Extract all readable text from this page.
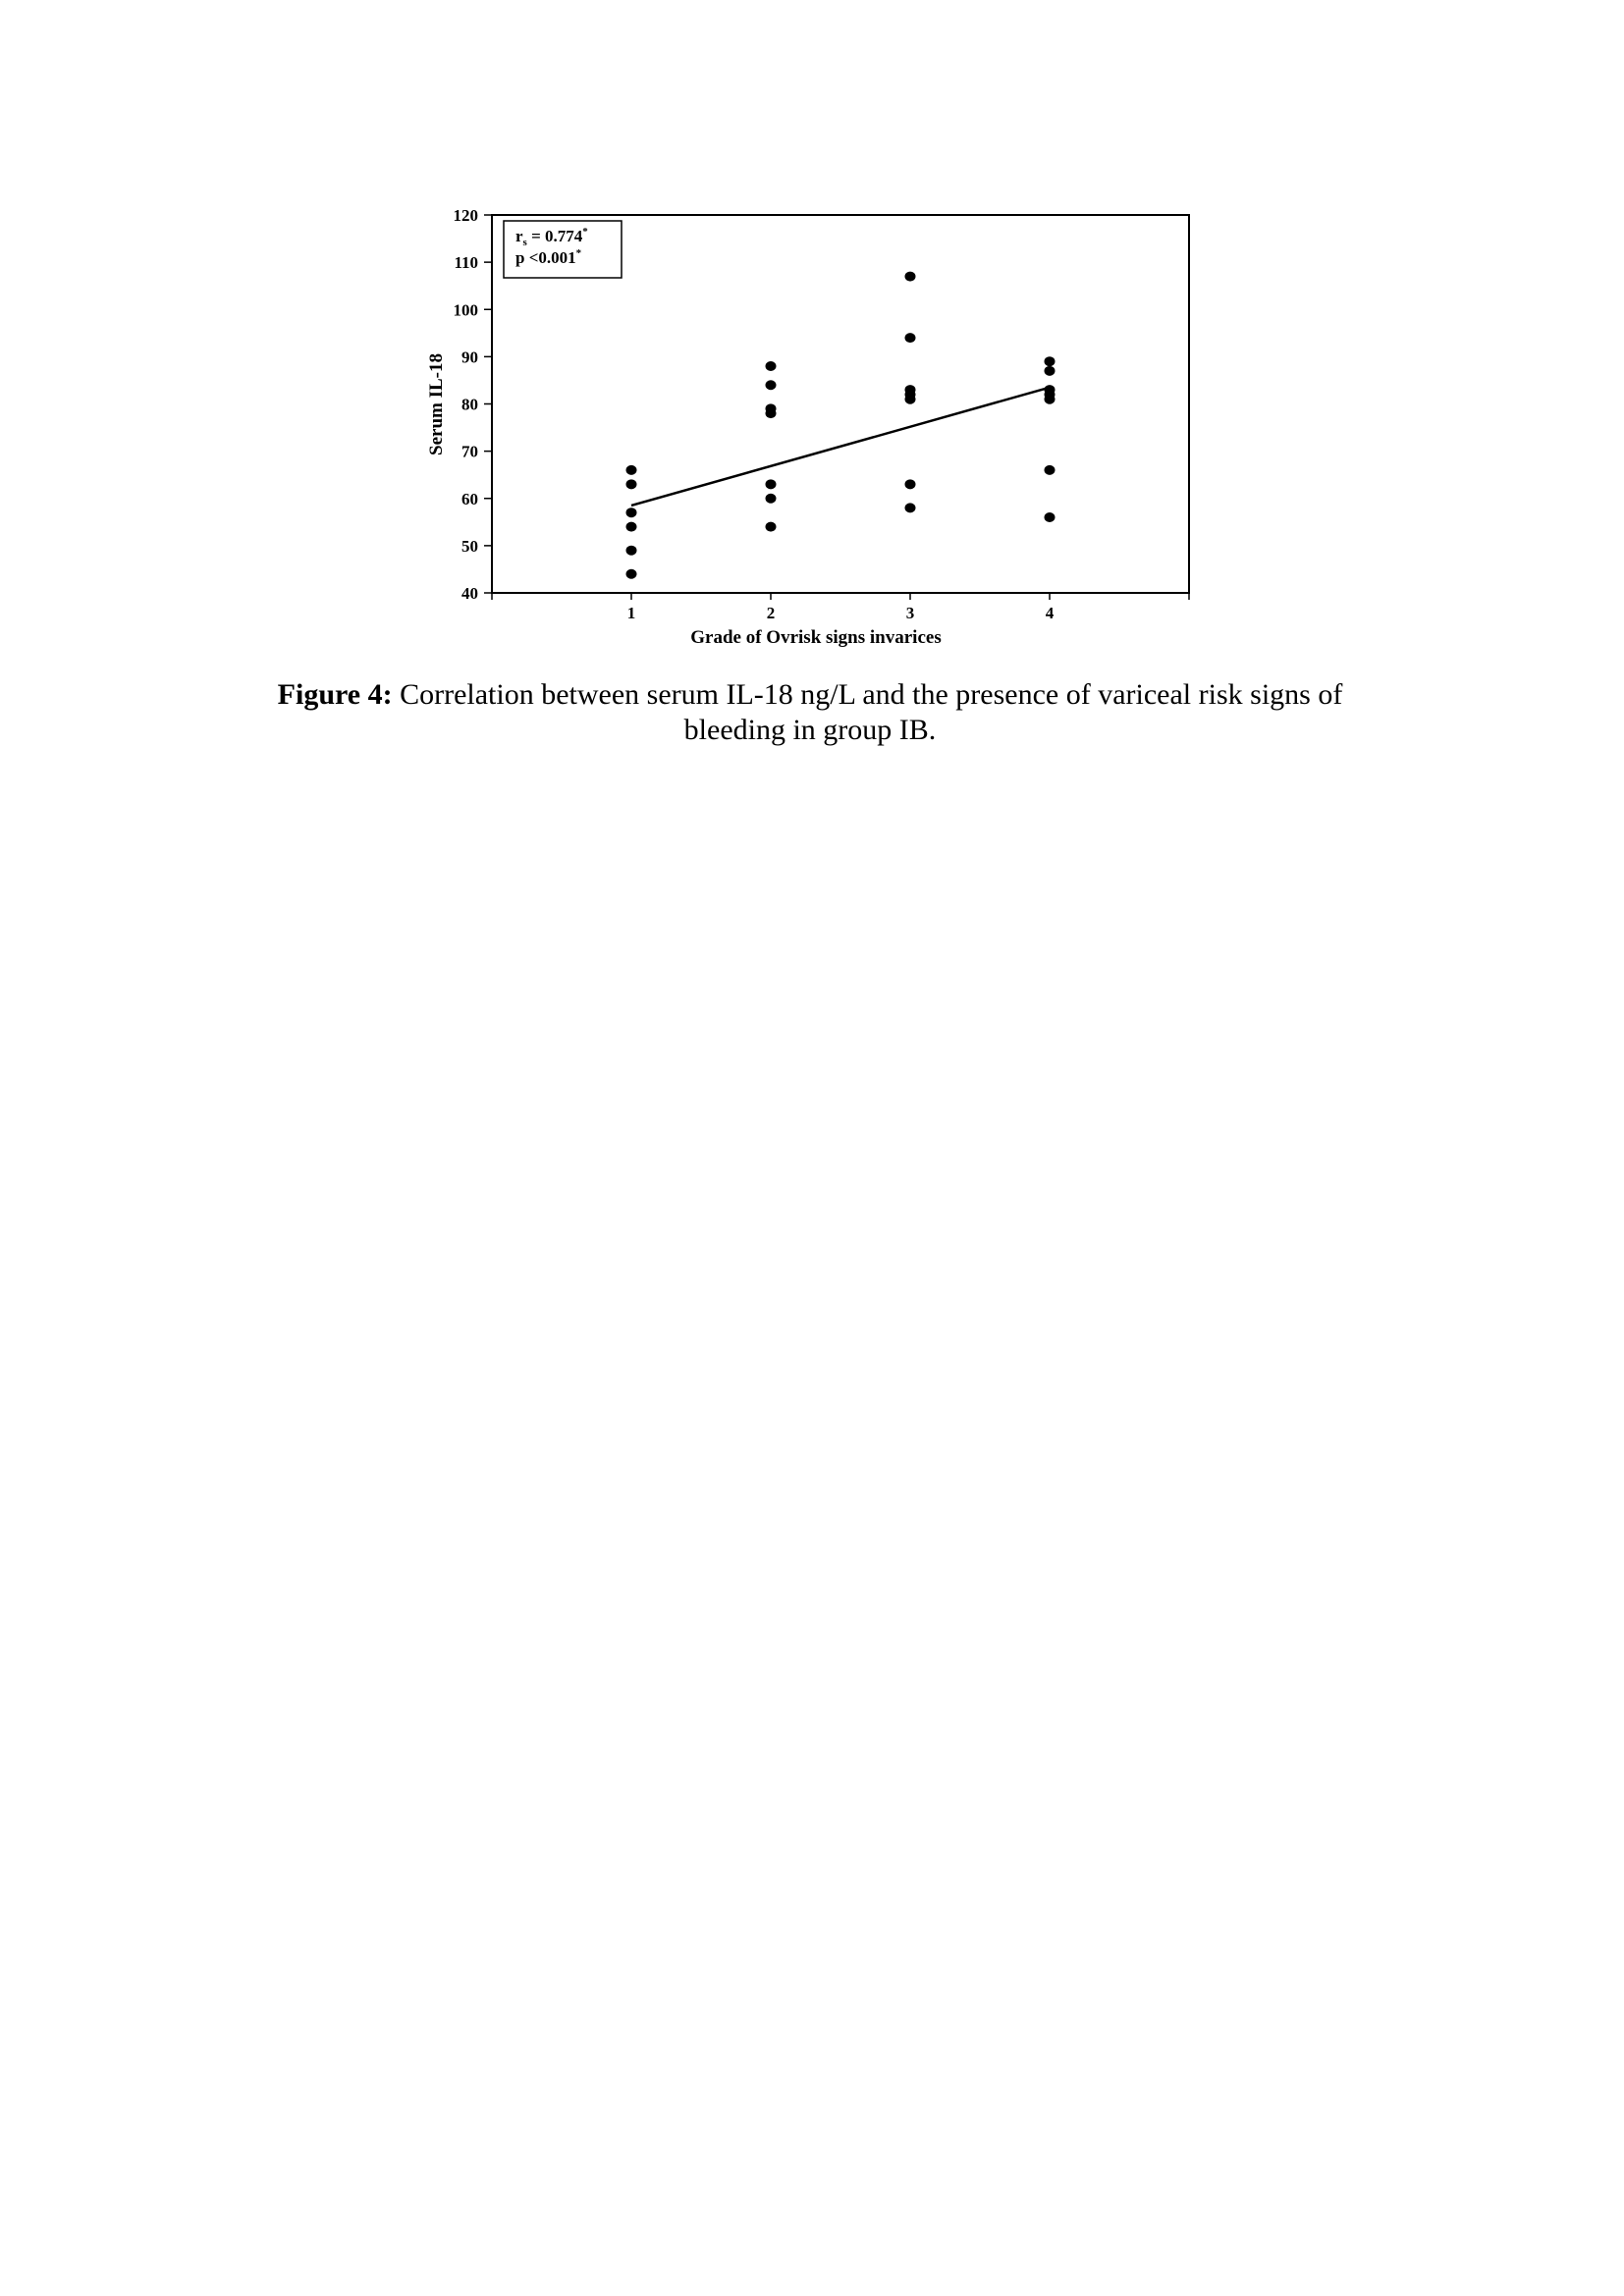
40
50
60
70
80
90
100
110
120
1	2	3	4
$r_s = 0.774^*$
p <0.001*
Grade of Ovrisk signs invarices
Serum IL-18
Figure 4: Correlation between serum IL-18 ng/L and the presence of variceal risk signs of bleeding in group IB.
